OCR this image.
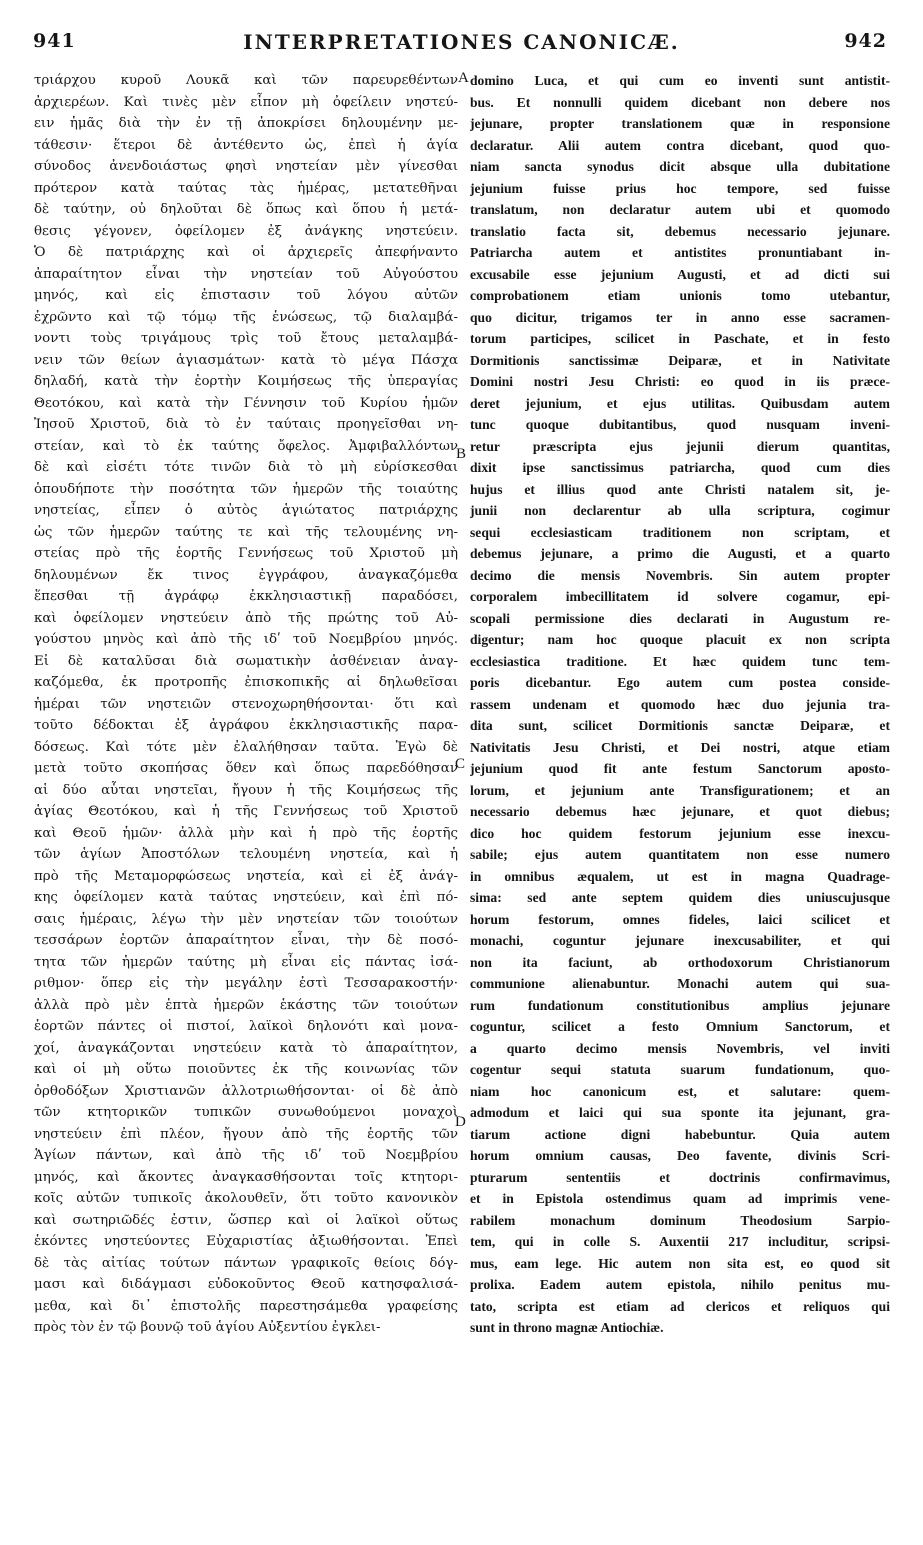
941	INTERPRETATIONES CANONICÆ.	942
τριάρχου κυροῦ Λουκᾶ καὶ τῶν παρευρεθέντων
ἀρχιερέων. Καὶ τινὲς μὲν εἶπον μὴ ὀφείλειν νηστεύ-
ειν ἡμᾶς διὰ τὴν ἐν τῇ ἀποκρίσει δηλουμένην με-
τάθεσιν· ἕτεροι δὲ ἀντέθεντο ὡς, ἐπεὶ ἡ ἁγία
σύνοδος ἀνενδοιάστως φησὶ νηστείαν μὲν γίνεσθαι
πρότερον κατὰ ταύτας τὰς ἡμέρας, μετατεθῆναι
δὲ ταύτην, οὐ δηλοῦται δὲ ὅπως καὶ ὅπου ἡ μετά-
θεσις γέγονεν, ὀφείλομεν ἐξ ἀνάγκης νηστεύειν.
Ὁ δὲ πατριάρχης καὶ οἱ ἀρχιερεῖς ἀπεφήναντο
ἀπαραίτητον εἶναι τὴν νηστείαν τοῦ Αὐγούστου
μηνός, καὶ εἰς ἐπιστασιν τοῦ λόγου αὐτῶν
ἐχρῶντο καὶ τῷ τόμῳ τῆς ἑνώσεως, τῷ διαλαμβά-
νοντι τοὺς τριγάμους τρὶς τοῦ ἔτους μεταλαμβά-
νειν τῶν θείων ἁγιασμάτων· κατὰ τὸ μέγα Πάσχα
δηλαδή, κατὰ τὴν ἑορτὴν Κοιμήσεως τῆς ὑπεραγίας
Θεοτόκου, καὶ κατὰ τὴν Γέννησιν τοῦ Κυρίου ἡμῶν
Ἰησοῦ Χριστοῦ, διὰ τὸ ἐν ταύταις προηγεῖσθαι νη-
στείαν, καὶ τὸ ἐκ ταύτης ὄφελος. Ἀμφιβαλλόντων
δὲ καὶ εἰσέτι τότε τινῶν διὰ τὸ μὴ εὑρίσκεσθαι
ὁπουδήποτε τὴν ποσότητα τῶν ἡμερῶν τῆς τοιαύτης
νηστείας, εἶπεν ὁ αὐτὸς ἁγιώτατος πατριάρχης
ὡς τῶν ἡμερῶν ταύτης τε καὶ τῆς τελουμένης νη-
στείας πρὸ τῆς ἑορτῆς Γεννήσεως τοῦ Χριστοῦ μὴ
δηλουμένων ἔκ τινος ἐγγράφου, ἀναγκαζόμεθα
ἕπεσθαι τῇ ἀγράφῳ ἐκκλησιαστικῇ παραδόσει,
καὶ ὀφείλομεν νηστεύειν ἀπὸ τῆς πρώτης τοῦ Αὐ-
γούστου μηνὸς καὶ ἀπὸ τῆς ιδʹ τοῦ Νοεμβρίου μηνός.
Εἰ δὲ καταλῦσαι διὰ σωματικὴν ἀσθένειαν ἀναγ-
καζόμεθα, ἐκ προτροπῆς ἐπισκοπικῆς αἱ δηλωθεῖσαι
ἡμέραι τῶν νηστειῶν στενοχωρηθήσονται· ὅτι καὶ
τοῦτο δέδοκται ἐξ ἀγράφου ἐκκλησιαστικῆς παρα-
δόσεως. Καὶ τότε μὲν ἐλαλήθησαν ταῦτα. Ἐγὼ δὲ
μετὰ τοῦτο σκοπήσας ὅθεν καὶ ὅπως παρεδόθησαν
αἱ δύο αὗται νηστεῖαι, ἤγουν ἡ τῆς Κοιμήσεως τῆς
ἁγίας Θεοτόκου, καὶ ἡ τῆς Γεννήσεως τοῦ Χριστοῦ
καὶ Θεοῦ ἡμῶν· ἀλλὰ μὴν καὶ ἡ πρὸ τῆς ἑορτῆς
τῶν ἁγίων Ἀποστόλων τελουμένη νηστεία, καὶ ἡ
πρὸ τῆς Μεταμορφώσεως νηστεία, καὶ εἰ ἐξ ἀνάγ-
κης ὀφείλομεν κατὰ ταύτας νηστεύειν, καὶ ἐπὶ πό-
σαις ἡμέραις, λέγω τὴν μὲν νηστείαν τῶν τοιούτων
τεσσάρων ἑορτῶν ἀπαραίτητον εἶναι, τὴν δὲ ποσό-
τητα τῶν ἡμερῶν ταύτης μὴ εἶναι εἰς πάντας ἰσά-
ριθμον· ὅπερ εἰς τὴν μεγάλην ἐστὶ Τεσσαρακοστήν·
ἀλλὰ πρὸ μὲν ἑπτὰ ἡμερῶν ἑκάστης τῶν τοιούτων
ἑορτῶν πάντες οἱ πιστοί, λαϊκοὶ δηλονότι καὶ μονα-
χοί, ἀναγκάζονται νηστεύειν κατὰ τὸ ἀπαραίτητον,
καὶ οἱ μὴ οὕτω ποιοῦντες ἐκ τῆς κοινωνίας τῶν
ὀρθοδόξων Χριστιανῶν ἀλλοτριωθήσονται· οἱ δὲ ἀπὸ
τῶν κτητορικῶν τυπικῶν συνωθούμενοι μοναχοὶ
νηστεύειν ἐπὶ πλέον, ἤγουν ἀπὸ τῆς ἑορτῆς τῶν
Ἁγίων πάντων, καὶ ἀπὸ τῆς ιδʹ τοῦ Νοεμβρίου
μηνός, καὶ ἄκοντες ἀναγκασθήσονται τοῖς κτητορι-
κοῖς αὐτῶν τυπικοῖς ἀκολουθεῖν, ὅτι τοῦτο κανονικὸν
καὶ σωτηριῶδές ἐστιν, ὥσπερ καὶ οἱ λαϊκοὶ οὕτως
ἑκόντες νηστεύοντες Εὐχαριστίας ἀξιωθήσονται. Ἐπεὶ
δὲ τὰς αἰτίας τούτων πάντων γραφικοῖς θείοις δόγ-
μασι καὶ διδάγμασι εὐδοκοῦντος Θεοῦ κατησφαλισά-
μεθα, καὶ δι᾿ ἐπιστολῆς παρεστησάμεθα γραφείσης
πρὸς τὸν ἐν τῷ βουνῷ τοῦ ἁγίου Αὐξεντίου ἐγκλει-
domino Luca, et qui cum eo inventi sunt antistit-
bus. Et nonnulli quidem dicebant non debere nos
jejunare, propter translationem quæ in responsione
declaratur. Alii autem contra dicebant, quod quo-
niam sancta synodus dicit absque ulla dubitatione
jejunium fuisse prius hoc tempore, sed fuisse
translatum, non declaratur autem ubi et quomodo
translatio facta sit, debemus necessario jejunare.
Patriarcha autem et antistites pronuntiabant in-
excusabile esse jejunium Augusti, et ad dicti sui
comprobationem etiam unionis tomo utebantur,
quo dicitur, trigamos ter in anno esse sacramen-
torum participes, scilicet in Paschate, et in festo
Dormitionis sanctissimæ Deiparæ, et in Nativitate
Domini nostri Jesu Christi: eo quod in iis præce-
deret jejunium, et ejus utilitas. Quibusdam autem
tunc quoque dubitantibus, quod nusquam inveni-
retur præscripta ejus jejunii dierum quantitas,
dixit ipse sanctissimus patriarcha, quod cum dies
hujus et illius quod ante Christi natalem sit, je-
junii non declarentur ab ulla scriptura, cogimur
sequi ecclesiasticam traditionem non scriptam, et
debemus jejunare, a primo die Augusti, et a quarto
decimo die mensis Novembris. Sin autem propter
corporalem imbecillitatem id solvere cogamur, epi-
scopali permissione dies declarati in Augustum re-
digentur; nam hoc quoque placuit ex non scripta
ecclesiastica traditione. Et hæc quidem tunc tem-
poris dicebantur. Ego autem cum postea conside-
rassem undenam et quomodo hæc duo jejunia tra-
dita sunt, scilicet Dormitionis sanctæ Deiparæ, et
Nativitatis Jesu Christi, et Dei nostri, atque etiam
jejunium quod fit ante festum Sanctorum aposto-
lorum, et jejunium ante Transfigurationem; et an
necessario debemus hæc jejunare, et quot diebus;
dico hoc quidem festorum jejunium esse inexcu-
sabile; ejus autem quantitatem non esse numero
in omnibus æqualem, ut est in magna Quadrage-
sima: sed ante septem quidem dies uniuscujusque
horum festorum, omnes fideles, laici scilicet et
monachi, coguntur jejunare inexcusabiliter, et qui
non ita faciunt, ab orthodoxorum Christianorum
communione alienabuntur. Monachi autem qui sua-
rum fundationum constitutionibus amplius jejunare
coguntur, scilicet a festo Omnium Sanctorum, et
a quarto decimo mensis Novembris, vel inviti
cogentur sequi statuta suarum fundationum, quo-
niam hoc canonicum est, et salutare: quem-
admodum et laici qui sua sponte ita jejunant, gra-
tiarum actione digni habebuntur. Quia autem
horum omnium causas, Deo favente, divinis Scri-
pturarum sententiis et doctrinis confirmavimus,
et in Epistola ostendimus quam ad imprimis vene-
rabilem monachum dominum Theodosium Sarpio-
tem, qui in colle S. Auxentii 217 includitur, scripsi-
mus, eam lege. Hic autem non sita est, eo quod sit
prolixa. Eadem autem epistola, nihilo penitus mu-
tato, scripta est etiam ad clericos et reliquos qui
sunt in throno magnæ Antiochiæ.
A
B
C
D
